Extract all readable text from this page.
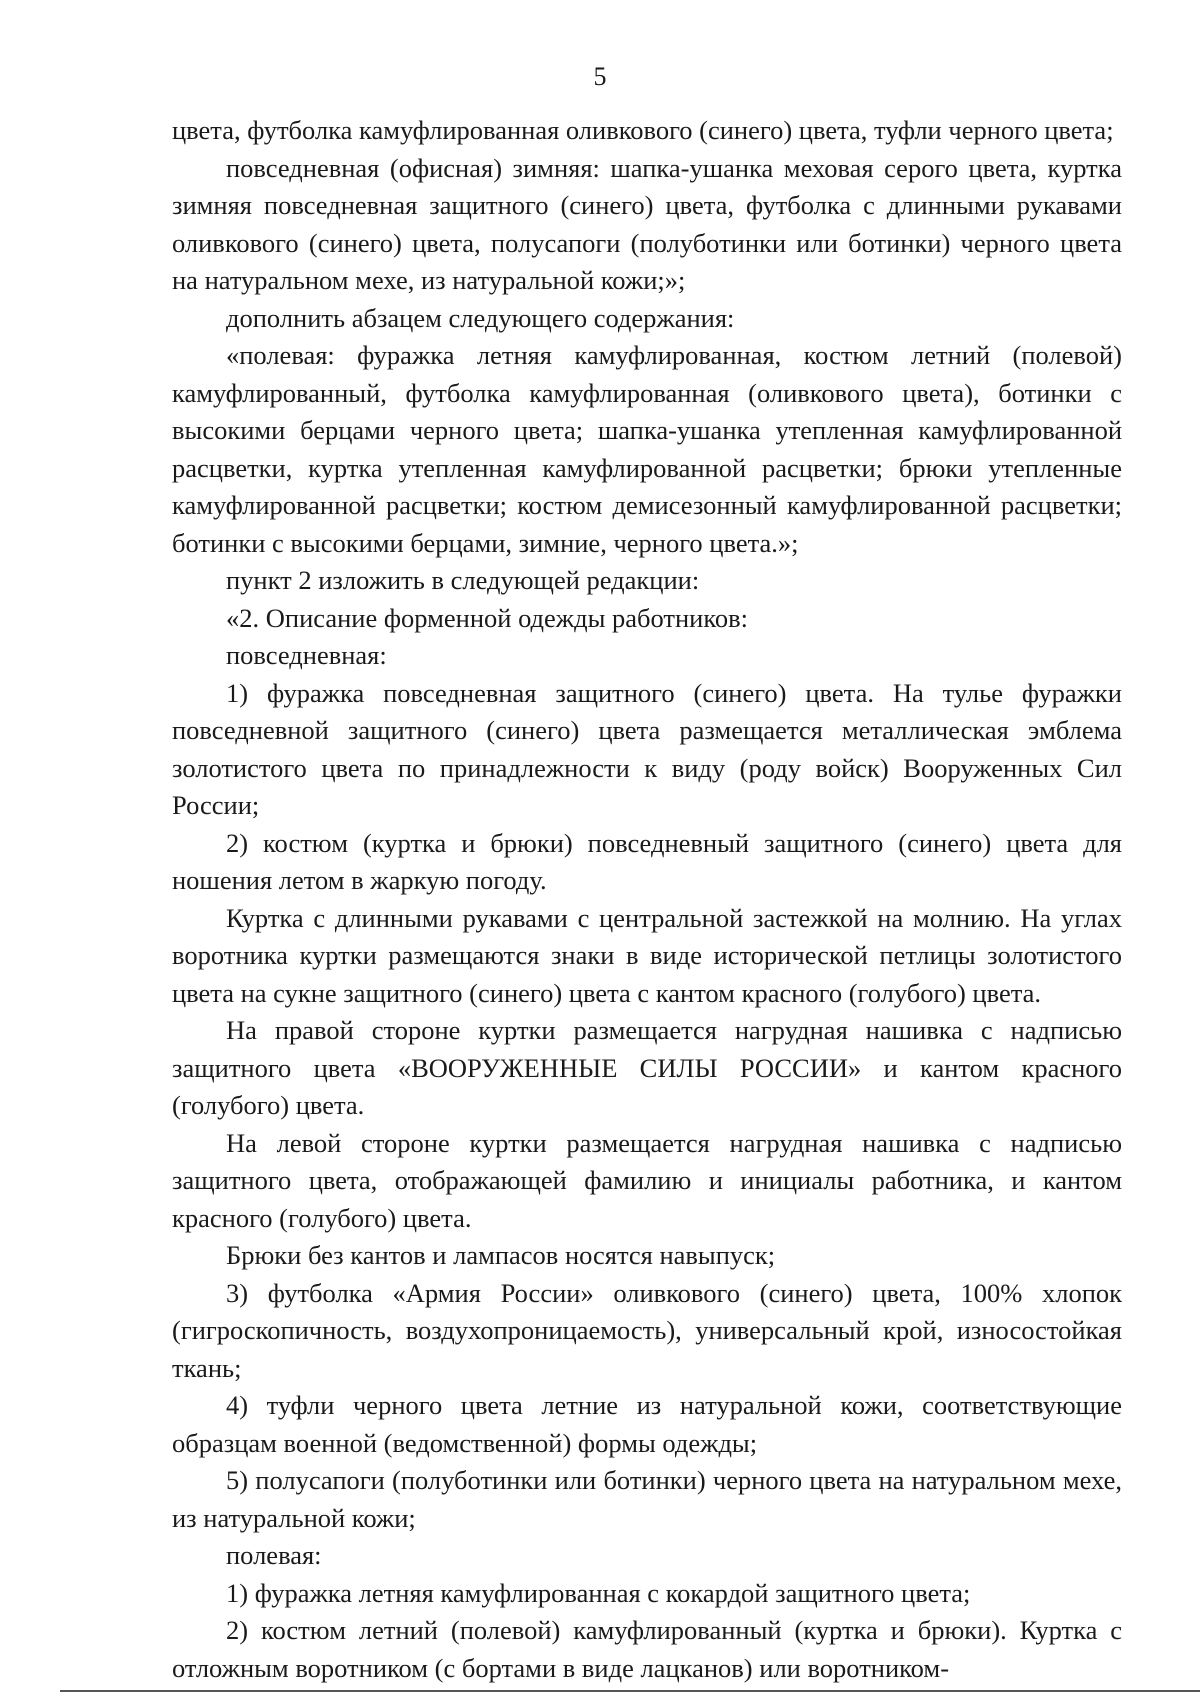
5

цвета, футболка камуфлированная оливкового (синего) цвета, туфли черного цвета;

повседневная (офисная) зимняя: шапка-ушанка меховая серого цвета, куртка зимняя повседневная защитного (синего) цвета, футболка с длинными рукавами оливкового (синего) цвета, полусапоги (полуботинки или ботинки) черного цвета на натуральном мехе, из натуральной кожи;»;

дополнить абзацем следующего содержания:

«полевая: фуражка летняя камуфлированная, костюм летний (полевой) камуфлированный, футболка камуфлированная (оливкового цвета), ботинки с высокими берцами черного цвета; шапка-ушанка утепленная камуфлированной расцветки, куртка утепленная камуфлированной расцветки; брюки утепленные камуфлированной расцветки; костюм демисезонный камуфлированной расцветки; ботинки с высокими берцами, зимние, черного цвета.»;

пункт 2 изложить в следующей редакции:

«2. Описание форменной одежды работников:

повседневная:

1) фуражка повседневная защитного (синего) цвета. На тулье фуражки повседневной защитного (синего) цвета размещается металлическая эмблема золотистого цвета по принадлежности к виду (роду войск) Вооруженных Сил России;

2) костюм (куртка и брюки) повседневный защитного (синего) цвета для ношения летом в жаркую погоду.

Куртка с длинными рукавами с центральной застежкой на молнию. На углах воротника куртки размещаются знаки в виде исторической петлицы золотистого цвета на сукне защитного (синего) цвета с кантом красного (голубого) цвета.

На правой стороне куртки размещается нагрудная нашивка с надписью защитного цвета «ВООРУЖЕННЫЕ СИЛЫ РОССИИ» и кантом красного (голубого) цвета.

На левой стороне куртки размещается нагрудная нашивка с надписью защитного цвета, отображающей фамилию и инициалы работника, и кантом красного (голубого) цвета.

Брюки без кантов и лампасов носятся навыпуск;

3) футболка «Армия России» оливкового (синего) цвета, 100% хлопок (гигроскопичность, воздухопроницаемость), универсальный крой, износостойкая ткань;

4) туфли черного цвета летние из натуральной кожи, соответствующие образцам военной (ведомственной) формы одежды;

5) полусапоги (полуботинки или ботинки) черного цвета на натуральном мехе, из натуральной кожи;

полевая:

1) фуражка летняя камуфлированная с кокардой защитного цвета;

2) костюм летний (полевой) камуфлированный (куртка и брюки). Куртка с отложным воротником (с бортами в виде лацканов) или воротником-
